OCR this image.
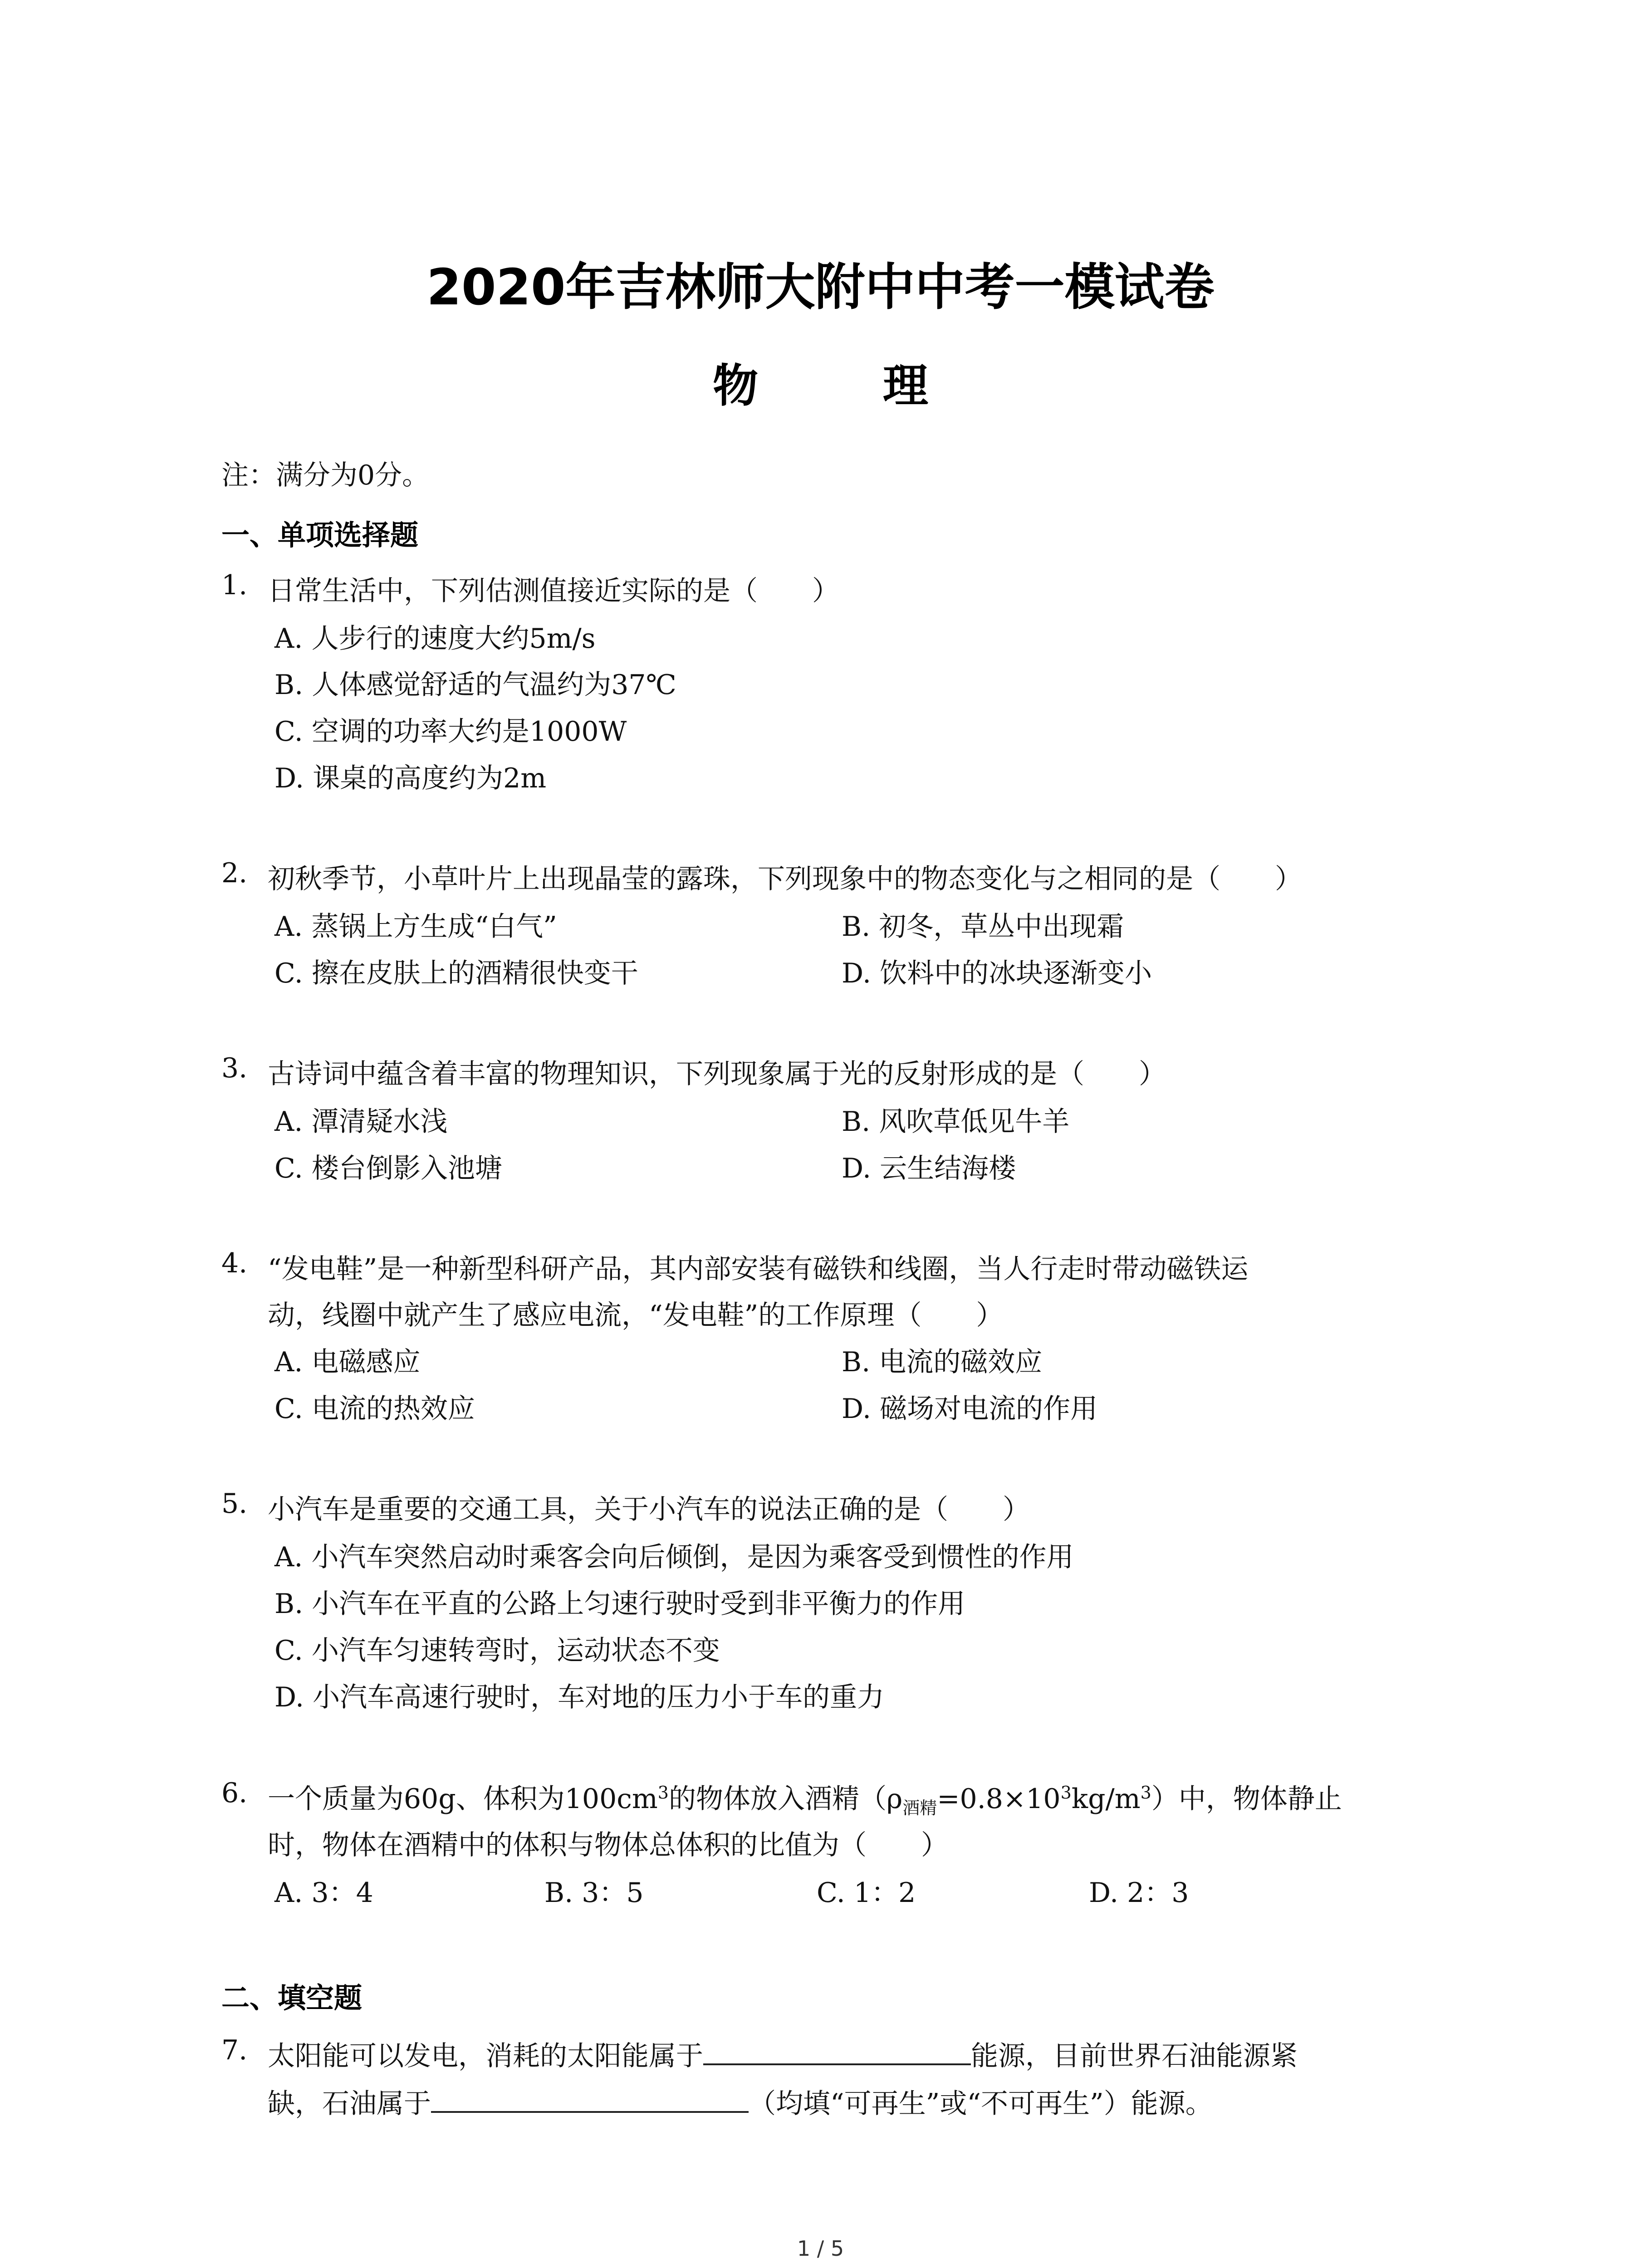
2020年吉林师大附中中考一模试卷
物 理
注：满分为0分。
一、单项选择题
1. 日常生活中，下列估测值接近实际的是（　　）
A. 人步行的速度大约5m/s
B. 人体感觉舒适的气温约为37℃
C. 空调的功率大约是1000W
D. 课桌的高度约为2m
2. 初秋季节，小草叶片上出现晶莹的露珠，下列现象中的物态变化与之相同的是（　　）
A. 蒸锅上方生成“白气”	B. 初冬，草丛中出现霜
C. 擦在皮肤上的酒精很快变干	D. 饮料中的冰块逐渐变小
3. 古诗词中蕴含着丰富的物理知识，下列现象属于光的反射形成的是（　　）
A. 潭清疑水浅	B. 风吹草低见牛羊
C. 楼台倒影入池塘	D. 云生结海楼
4. “发电鞋”是一种新型科研产品，其内部安装有磁铁和线圈，当人行走时带动磁铁运
动，线圈中就产生了感应电流，“发电鞋”的工作原理（　　）
A. 电磁感应	B. 电流的磁效应
C. 电流的热效应	D. 磁场对电流的作用
5. 小汽车是重要的交通工具，关于小汽车的说法正确的是（　　）
A. 小汽车突然启动时乘客会向后倾倒，是因为乘客受到惯性的作用
B. 小汽车在平直的公路上匀速行驶时受到非平衡力的作用
C. 小汽车匀速转弯时，运动状态不变
D. 小汽车高速行驶时，车对地的压力小于车的重力
6. 一个质量为60g、体积为$100cm^3$的物体放入酒精$(\rho_{酒精}=0.8\times 10^3kg/m^3)$中，物体静止
时，物体在酒精中的体积与物体总体积的比值为（　　）
A. 3：4	B. 3：5	C. 1：2	D. 2：3
二、填空题
7. 太阳能可以发电，消耗的太阳能属于	能源，目前世界石油能源紧
缺，石油属于	（均填“可再生”或“不可再生”）能源。
1 / 5
